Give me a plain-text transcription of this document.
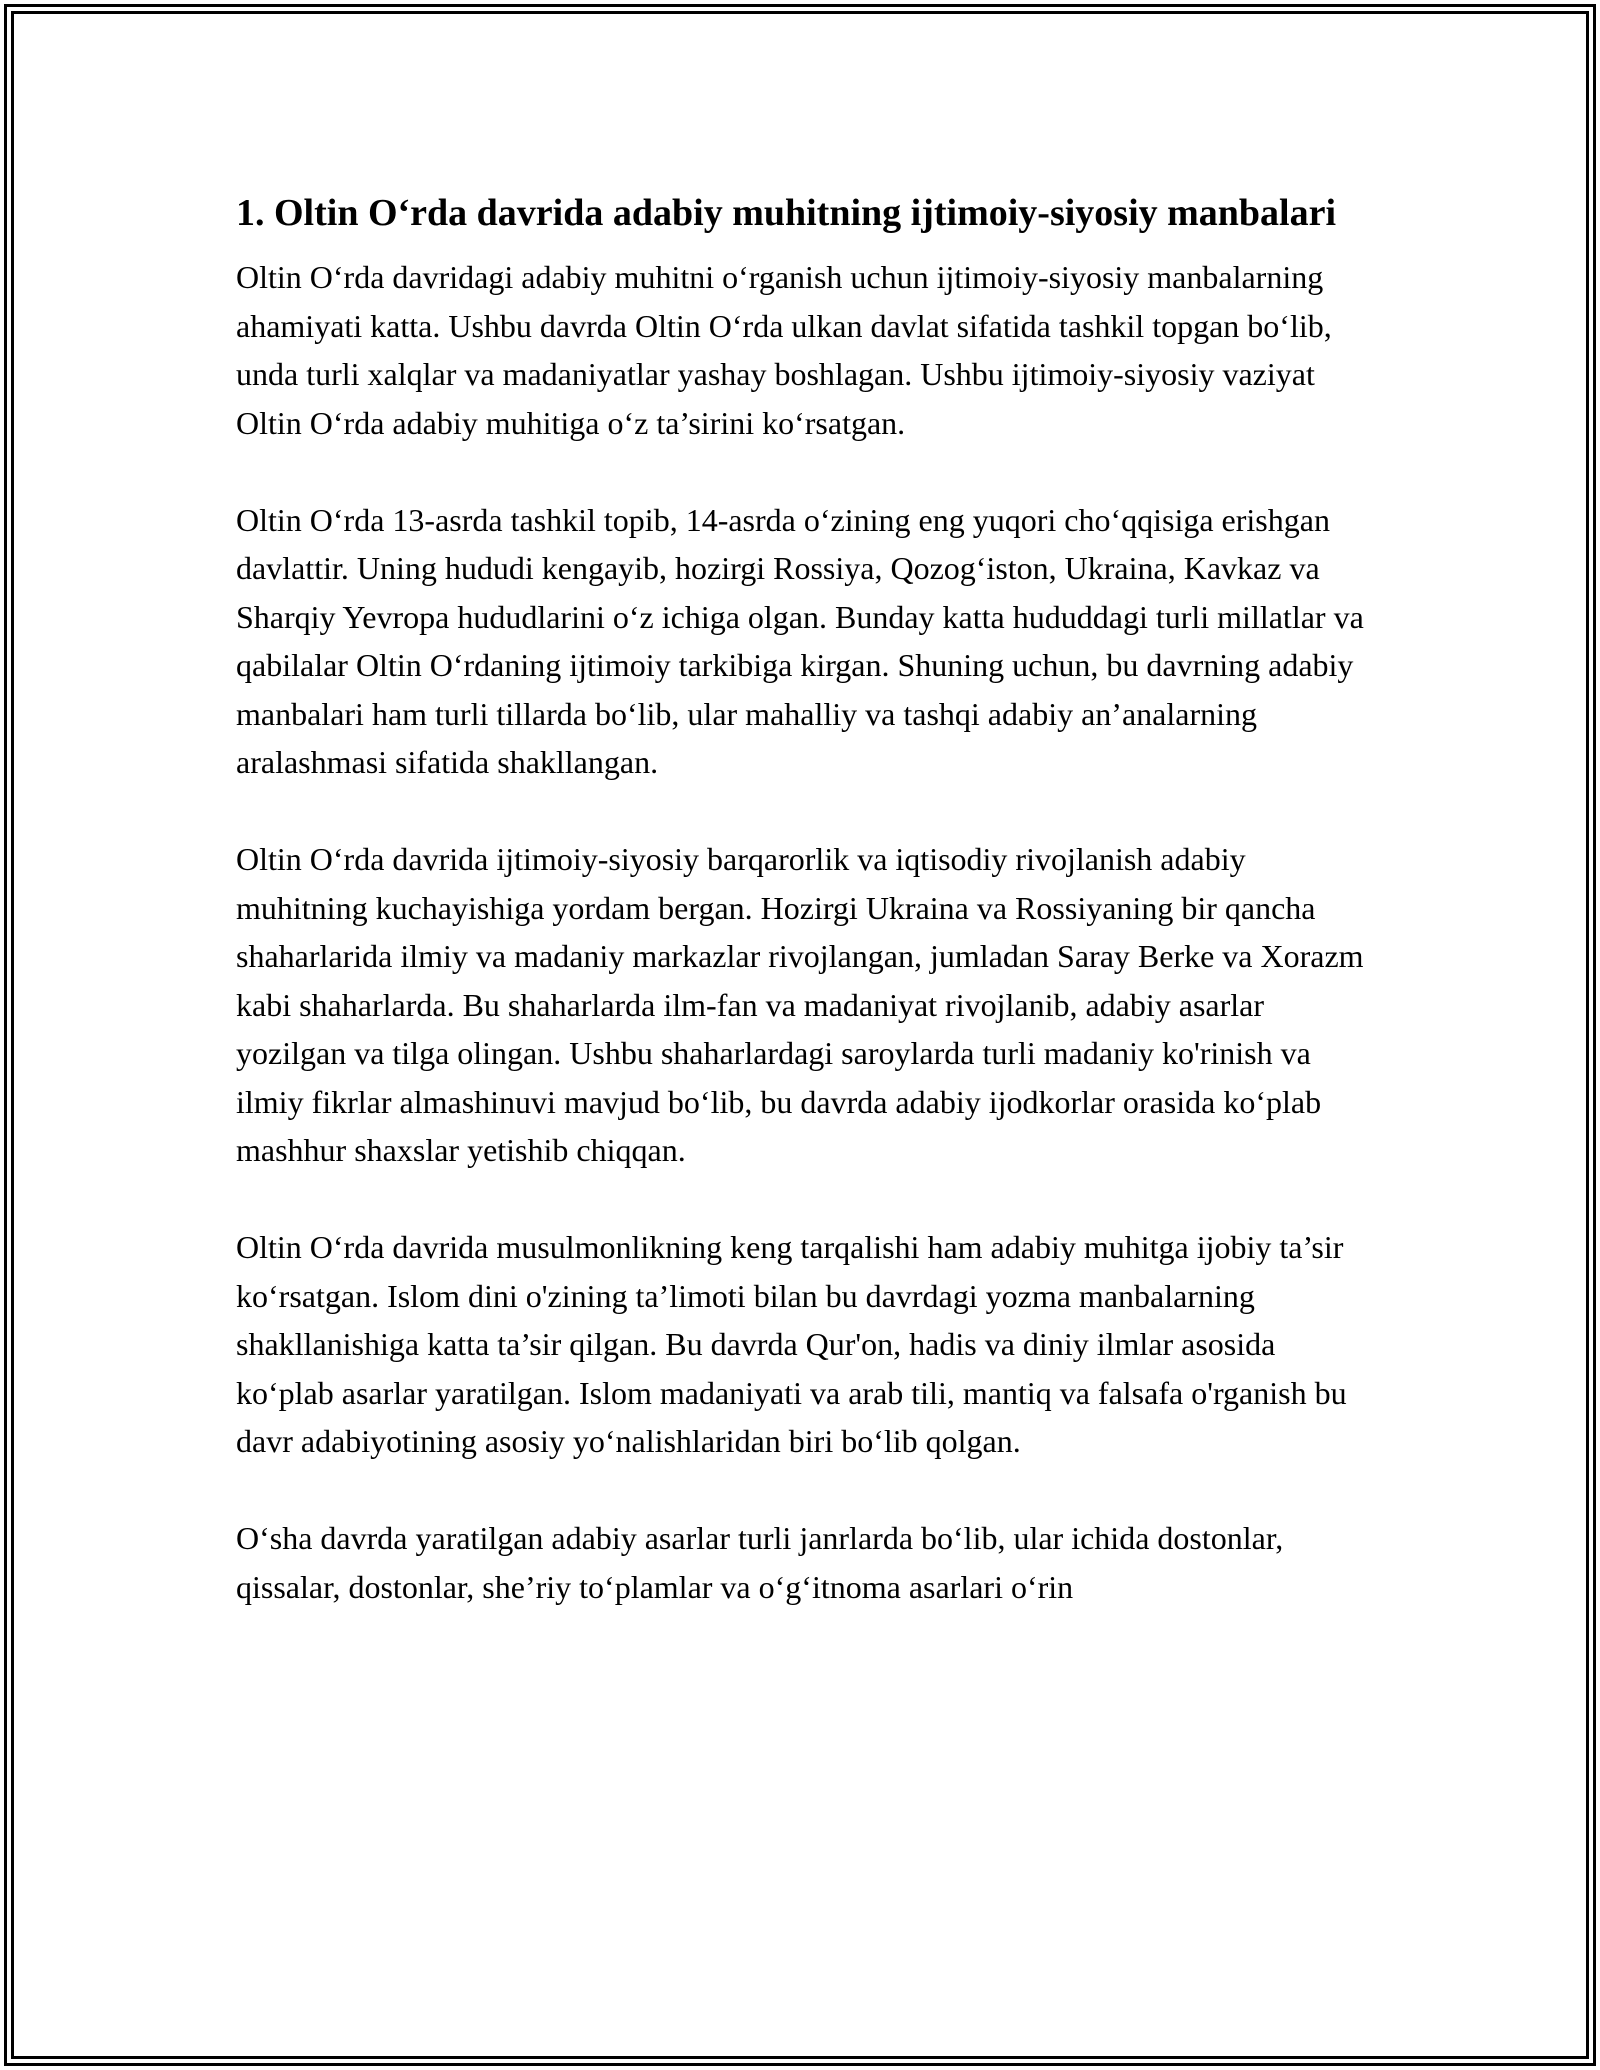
1. Oltin O‘rda davrida adabiy muhitning ijtimoiy-siyosiy manbalari

Oltin O‘rda davridagi adabiy muhitni o‘rganish uchun ijtimoiy-siyosiy manbalarning ahamiyati katta. Ushbu davrda Oltin O‘rda ulkan davlat sifatida tashkil topgan bo‘lib, unda turli xalqlar va madaniyatlar yashay boshlagan. Ushbu ijtimoiy-siyosiy vaziyat Oltin O‘rda adabiy muhitiga o‘z ta’sirini ko‘rsatgan.

Oltin O‘rda 13-asrda tashkil topib, 14-asrda o‘zining eng yuqori cho‘qqisiga erishgan davlattir. Uning hududi kengayib, hozirgi Rossiya, Qozog‘iston, Ukraina, Kavkaz va Sharqiy Yevropa hududlarini o‘z ichiga olgan. Bunday katta hududdagi turli millatlar va qabilalar Oltin O‘rdaning ijtimoiy tarkibiga kirgan. Shuning uchun, bu davrning adabiy manbalari ham turli tillarda bo‘lib, ular mahalliy va tashqi adabiy an’analarning aralashmasi sifatida shakllangan.

Oltin O‘rda davrida ijtimoiy-siyosiy barqarorlik va iqtisodiy rivojlanish adabiy muhitning kuchayishiga yordam bergan. Hozirgi Ukraina va Rossiyaning bir qancha shaharlarida ilmiy va madaniy markazlar rivojlangan, jumladan Saray Berke va Xorazm kabi shaharlarda. Bu shaharlarda ilm-fan va madaniyat rivojlanib, adabiy asarlar yozilgan va tilga olingan. Ushbu shaharlardagi saroylarda turli madaniy ko'rinish va ilmiy fikrlar almashinuvi mavjud bo‘lib, bu davrda adabiy ijodkorlar orasida ko‘plab mashhur shaxslar yetishib chiqqan.

Oltin O‘rda davrida musulmonlikning keng tarqalishi ham adabiy muhitga ijobiy ta’sir ko‘rsatgan. Islom dini o'zining ta’limoti bilan bu davrdagi yozma manbalarning shakllanishiga katta ta’sir qilgan. Bu davrda Qur'on, hadis va diniy ilmlar asosida ko‘plab asarlar yaratilgan. Islom madaniyati va arab tili, mantiq va falsafa o'rganish bu davr adabiyotining asosiy yo‘nalishlaridan biri bo‘lib qolgan.

O‘sha davrda yaratilgan adabiy asarlar turli janrlarda bo‘lib, ular ichida dostonlar, qissalar, dostonlar, she’riy to‘plamlar va o‘g‘itnoma asarlari o‘rin
